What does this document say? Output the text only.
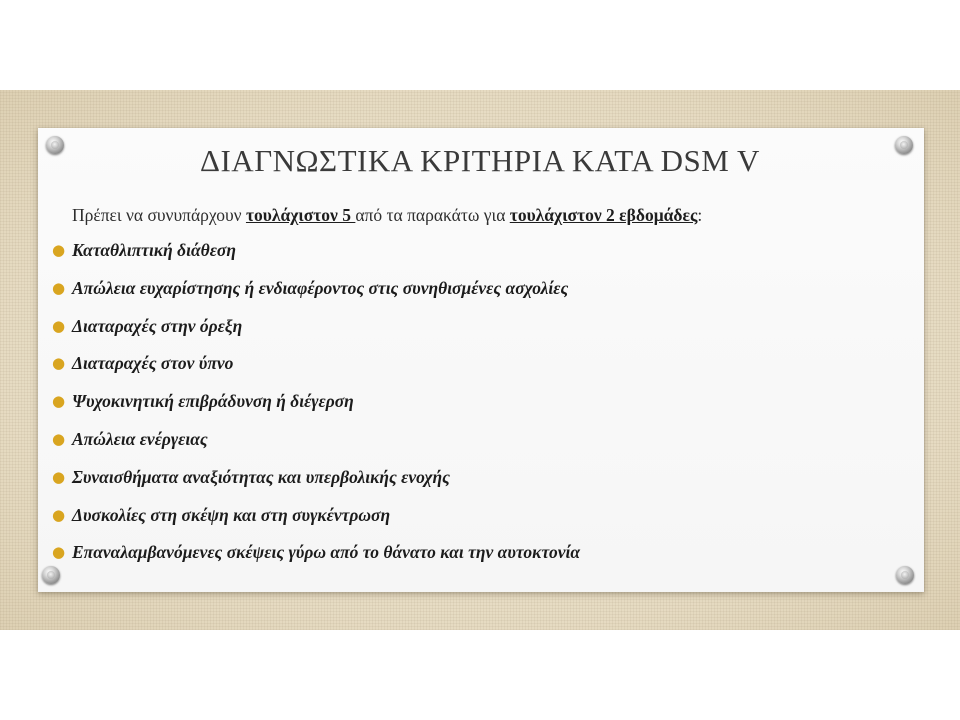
ΔΙΑΓΝΩΣΤΙΚΑ ΚΡΙΤΗΡΙΑ ΚΑΤΑ DSM V
Πρέπει να συνυπάρχουν τουλάχιστον 5 από τα παρακάτω για τουλάχιστον 2 εβδομάδες:
● Καταθλιπτική διάθεση
● Απώλεια ευχαρίστησης ή ενδιαφέροντος στις συνηθισμένες ασχολίες
● Διαταραχές στην όρεξη
● Διαταραχές στον ύπνο
● Ψυχοκινητική επιβράδυνση ή διέγερση
● Απώλεια ενέργειας
● Συναισθήματα αναξιότητας και υπερβολικής ενοχής
● Δυσκολίες στη σκέψη και στη συγκέντρωση
● Επαναλαμβανόμενες σκέψεις γύρω από το θάνατο και την αυτοκτονία
